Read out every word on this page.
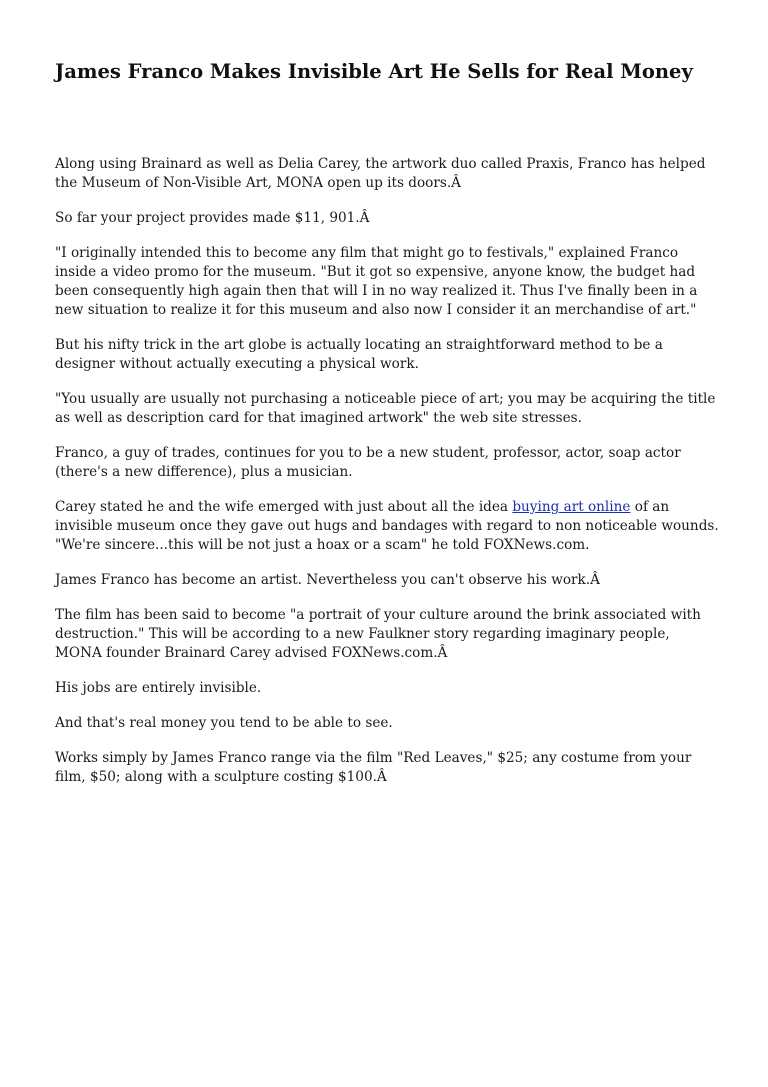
James Franco Makes Invisible Art He Sells for Real Money

Along using Brainard as well as Delia Carey, the artwork duo called Praxis, Franco has helped the Museum of Non-Visible Art, MONA open up its doors.Â

So far your project provides made $11, 901.Â

"I originally intended this to become any film that might go to festivals," explained Franco inside a video promo for the museum. "But it got so expensive, anyone know, the budget had been consequently high again then that will I in no way realized it. Thus I've finally been in a new situation to realize it for this museum and also now I consider it an merchandise of art."

But his nifty trick in the art globe is actually locating an straightforward method to be a designer without actually executing a physical work.

"You usually are usually not purchasing a noticeable piece of art; you may be acquiring the title as well as description card for that imagined artwork" the web site stresses.

Franco, a guy of trades, continues for you to be a new student, professor, actor, soap actor (there's a new difference), plus a musician.

Carey stated he and the wife emerged with just about all the idea buying art online of an invisible museum once they gave out hugs and bandages with regard to non noticeable wounds. "We're sincere...this will be not just a hoax or a scam" he told FOXNews.com.

James Franco has become an artist. Nevertheless you can't observe his work.Â

The film has been said to become "a portrait of your culture around the brink associated with destruction." This will be according to a new Faulkner story regarding imaginary people, MONA founder Brainard Carey advised FOXNews.com.Â

His jobs are entirely invisible.

And that's real money you tend to be able to see.

Works simply by James Franco range via the film "Red Leaves," $25; any costume from your film, $50; along with a sculpture costing $100.Â
